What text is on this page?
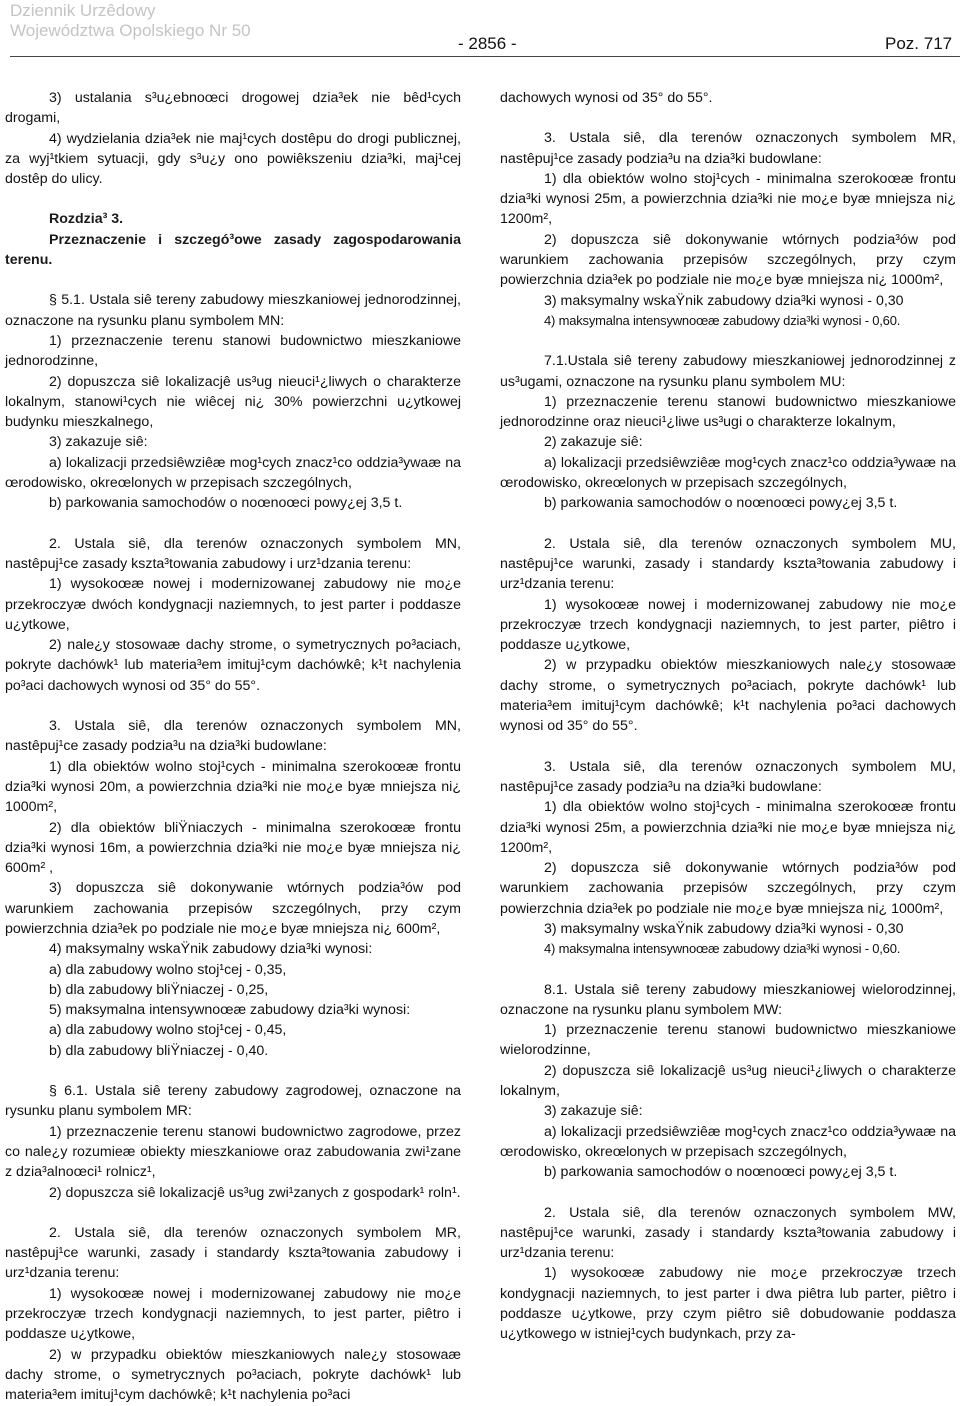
Dziennik Urzêdowy
Województwa Opolskiego Nr 50
- 2856 -	Poz. 717
3) ustalania s³u¿ebnoœci drogowej dzia³ek nie bêd¹cych drogami,
4) wydzielania dzia³ek nie maj¹cych dostêpu do drogi publicznej, za wyj¹tkiem sytuacji, gdy s³u¿y ono powiêkszeniu dzia³ki, maj¹cej dostêp do ulicy.
Rozdzia³ 3.
Przeznaczenie i szczegó³owe zasady zagospodarowania terenu.
§ 5.1. Ustala siê tereny zabudowy mieszkaniowej jednorodzinnej, oznaczone na rysunku planu symbolem MN:
1) przeznaczenie terenu stanowi budownictwo mieszkaniowe jednorodzinne,
2) dopuszcza siê lokalizacjê us³ug nieuci¹¿liwych o charakterze lokalnym, stanowi¹cych nie wiêcej ni¿ 30% powierzchni u¿ytkowej budynku mieszkalnego,
3) zakazuje siê:
a) lokalizacji przedsiêwziêæ mog¹cych znacz¹co oddzia³ywaæ na œrodowisko, okreœlonych w przepisach szczególnych,
b) parkowania samochodów o noœnoœci powy¿ej 3,5 t.
2. Ustala siê, dla terenów oznaczonych symbolem MN, nastêpuj¹ce zasady kszta³towania zabudowy i urz¹dzania terenu:
1) wysokoœæ nowej i modernizowanej zabudowy nie mo¿e przekroczyæ dwóch kondygnacji naziemnych, to jest parter i poddasze u¿ytkowe,
2) nale¿y stosowaæ dachy strome, o symetrycznych po³aciach, pokryte dachówk¹ lub materia³em imituj¹cym dachówkê; k¹t nachylenia po³aci dachowych wynosi od 35° do 55°.
3. Ustala siê, dla terenów oznaczonych symbolem MN, nastêpuj¹ce zasady podzia³u na dzia³ki budowlane:
1) dla obiektów wolno stoj¹cych - minimalna szerokoœæ frontu dzia³ki wynosi 20m, a powierzchnia dzia³ki nie mo¿e byæ mniejsza ni¿ 1000m²,
2) dla obiektów bliŸniaczych - minimalna szerokoœæ frontu dzia³ki wynosi 16m, a powierzchnia dzia³ki nie mo¿e byæ mniejsza ni¿ 600m² ,
3) dopuszcza siê dokonywanie wtórnych podzia³ów pod warunkiem zachowania przepisów szczególnych, przy czym powierzchnia dzia³ek po podziale nie mo¿e byæ mniejsza ni¿ 600m²,
4) maksymalny wskaŸnik zabudowy dzia³ki wynosi:
a) dla zabudowy wolno stoj¹cej - 0,35,
b) dla zabudowy bliŸniaczej - 0,25,
5) maksymalna intensywnoœæ zabudowy dzia³ki wynosi:
a) dla zabudowy wolno stoj¹cej - 0,45,
b) dla zabudowy bliŸniaczej - 0,40.
§ 6.1. Ustala siê tereny zabudowy zagrodowej, oznaczone na rysunku planu symbolem MR:
1) przeznaczenie terenu stanowi budownictwo zagrodowe, przez co nale¿y rozumieæ obiekty mieszkaniowe oraz zabudowania zwi¹zane z dzia³alnoœci¹ rolnicz¹,
2) dopuszcza siê lokalizacjê us³ug zwi¹zanych z gospodark¹ roln¹.
2. Ustala siê, dla terenów oznaczonych symbolem MR, nastêpuj¹ce warunki, zasady i standardy kszta³towania zabudowy i urz¹dzania terenu:
1) wysokoœæ nowej i modernizowanej zabudowy nie mo¿e przekroczyæ trzech kondygnacji naziemnych, to jest parter, piêtro i poddasze u¿ytkowe,
2) w przypadku obiektów mieszkaniowych nale¿y stosowaæ dachy strome, o symetrycznych po³aciach, pokryte dachówk¹ lub materia³em imituj¹cym dachówkê; k¹t nachylenia po³aci
dachowych wynosi od 35° do 55°.
3. Ustala siê, dla terenów oznaczonych symbolem MR, nastêpuj¹ce zasady podzia³u na dzia³ki budowlane:
1) dla obiektów wolno stoj¹cych - minimalna szerokoœæ frontu dzia³ki wynosi 25m, a powierzchnia dzia³ki nie mo¿e byæ mniejsza ni¿ 1200m²,
2) dopuszcza siê dokonywanie wtórnych podzia³ów pod warunkiem zachowania przepisów szczególnych, przy czym powierzchnia dzia³ek po podziale nie mo¿e byæ mniejsza ni¿ 1000m²,
3) maksymalny wskaŸnik zabudowy dzia³ki wynosi - 0,30
4) maksymalna intensywnoœæ zabudowy dzia³ki wynosi - 0,60.
7.1.Ustala siê tereny zabudowy mieszkaniowej jednorodzinnej z us³ugami, oznaczone na rysunku planu symbolem MU:
1) przeznaczenie terenu stanowi budownictwo mieszkaniowe jednorodzinne oraz nieuci¹¿liwe us³ugi o charakterze lokalnym,
2) zakazuje siê:
a) lokalizacji przedsiêwziêæ mog¹cych znacz¹co oddzia³ywaæ na œrodowisko, okreœlonych w przepisach szczególnych,
b) parkowania samochodów o noœnoœci powy¿ej 3,5 t.
2. Ustala siê, dla terenów oznaczonych symbolem MU, nastêpuj¹ce warunki, zasady i standardy kszta³towania zabudowy i urz¹dzania terenu:
1) wysokoœæ nowej i modernizowanej zabudowy nie mo¿e przekroczyæ trzech kondygnacji naziemnych, to jest parter, piêtro i poddasze u¿ytkowe,
2) w przypadku obiektów mieszkaniowych nale¿y stosowaæ dachy strome, o symetrycznych po³aciach, pokryte dachówk¹ lub materia³em imituj¹cym dachówkê; k¹t nachylenia po³aci dachowych wynosi od 35° do 55°.
3. Ustala siê, dla terenów oznaczonych symbolem MU, nastêpuj¹ce zasady podzia³u na dzia³ki budowlane:
1) dla obiektów wolno stoj¹cych - minimalna szerokoœæ frontu dzia³ki wynosi 25m, a powierzchnia dzia³ki nie mo¿e byæ mniejsza ni¿ 1200m²,
2) dopuszcza siê dokonywanie wtórnych podzia³ów pod warunkiem zachowania przepisów szczególnych, przy czym powierzchnia dzia³ek po podziale nie mo¿e byæ mniejsza ni¿ 1000m²,
3) maksymalny wskaŸnik zabudowy dzia³ki wynosi - 0,30
4) maksymalna intensywnoœæ zabudowy dzia³ki wynosi - 0,60.
8.1. Ustala siê tereny zabudowy mieszkaniowej wielorodzinnej, oznaczone na rysunku planu symbolem MW:
1) przeznaczenie terenu stanowi budownictwo mieszkaniowe wielorodzinne,
2) dopuszcza siê lokalizacjê us³ug nieuci¹¿liwych o charakterze lokalnym,
3) zakazuje siê:
a) lokalizacji przedsiêwziêæ mog¹cych znacz¹co oddzia³ywaæ na œrodowisko, okreœlonych w przepisach szczególnych,
b) parkowania samochodów o noœnoœci powy¿ej 3,5 t.
2. Ustala siê, dla terenów oznaczonych symbolem MW, nastêpuj¹ce warunki, zasady i standardy kszta³towania zabudowy i urz¹dzania terenu:
1) wysokoœæ zabudowy nie mo¿e przekroczyæ trzech kondygnacji naziemnych, to jest parter i dwa piêtra lub parter, piêtro i poddasze u¿ytkowe, przy czym piêtro siê dobudowanie poddasza u¿ytkowego w istniej¹cych budynkach, przy za-
